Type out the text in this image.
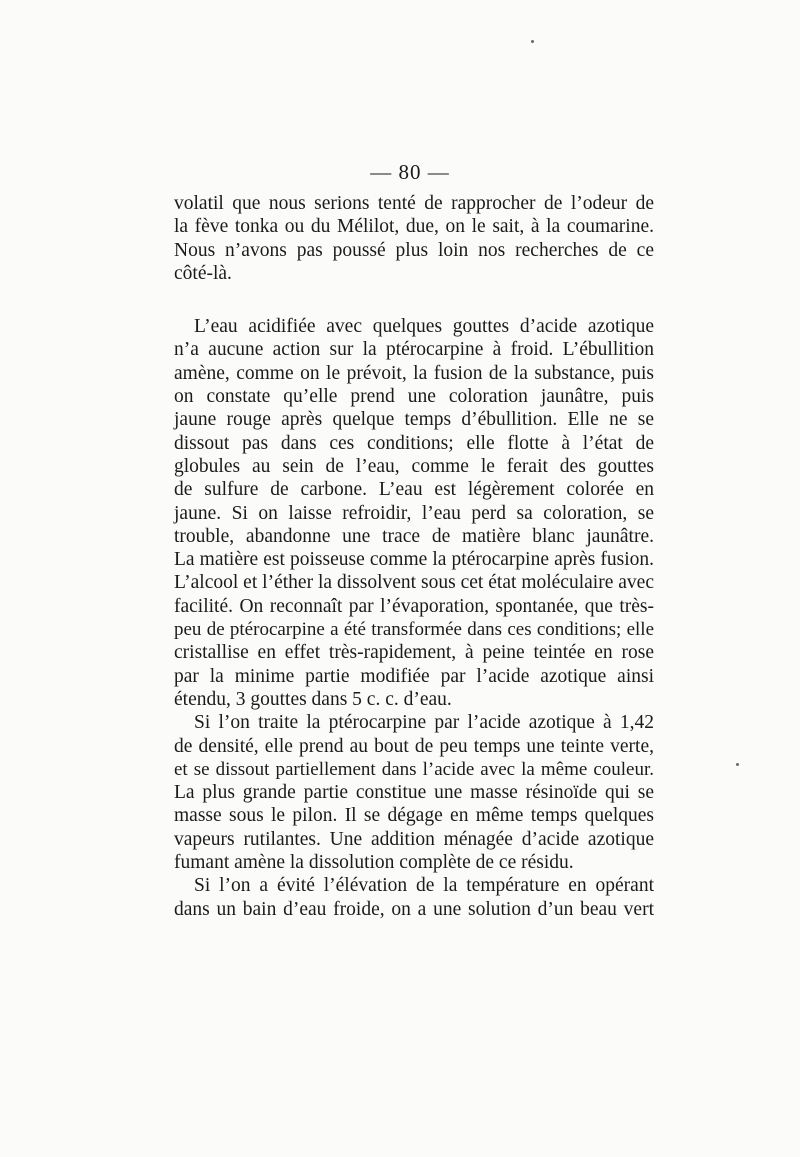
— 80 —
volatil que nous serions tenté de rapprocher de l’odeur de
la fève tonka ou du Mélilot, due, on le sait, à la coumarine.
Nous n’avons pas poussé plus loin nos recherches de ce
côté-là.
L’eau acidifiée avec quelques gouttes d’acide azotique
n’a aucune action sur la ptérocarpine à froid. L’ébullition
amène, comme on le prévoit, la fusion de la substance, puis
on constate qu’elle prend une coloration jaunâtre, puis
jaune rouge après quelque temps d’ébullition. Elle ne se
dissout pas dans ces conditions; elle flotte à l’état de
globules au sein de l’eau, comme le ferait des gouttes
de sulfure de carbone. L’eau est légèrement colorée en
jaune. Si on laisse refroidir, l’eau perd sa coloration, se
trouble, abandonne une trace de matière blanc jaunâtre.
La matière est poisseuse comme la ptérocarpine après fusion.
L’alcool et l’éther la dissolvent sous cet état moléculaire avec
facilité. On reconnaît par l’évaporation, spontanée, que très-
peu de ptérocarpine a été transformée dans ces conditions; elle
cristallise en effet très-rapidement, à peine teintée en rose
par la minime partie modifiée par l’acide azotique ainsi
étendu, 3 gouttes dans 5 c. c. d’eau.
Si l’on traite la ptérocarpine par l’acide azotique à 1,42
de densité, elle prend au bout de peu temps une teinte verte,
et se dissout partiellement dans l’acide avec la même couleur.
La plus grande partie constitue une masse résinoïde qui se
masse sous le pilon. Il se dégage en même temps quelques
vapeurs rutilantes. Une addition ménagée d’acide azotique
fumant amène la dissolution complète de ce résidu.
Si l’on a évité l’élévation de la température en opérant
dans un bain d’eau froide, on a une solution d’un beau vert
